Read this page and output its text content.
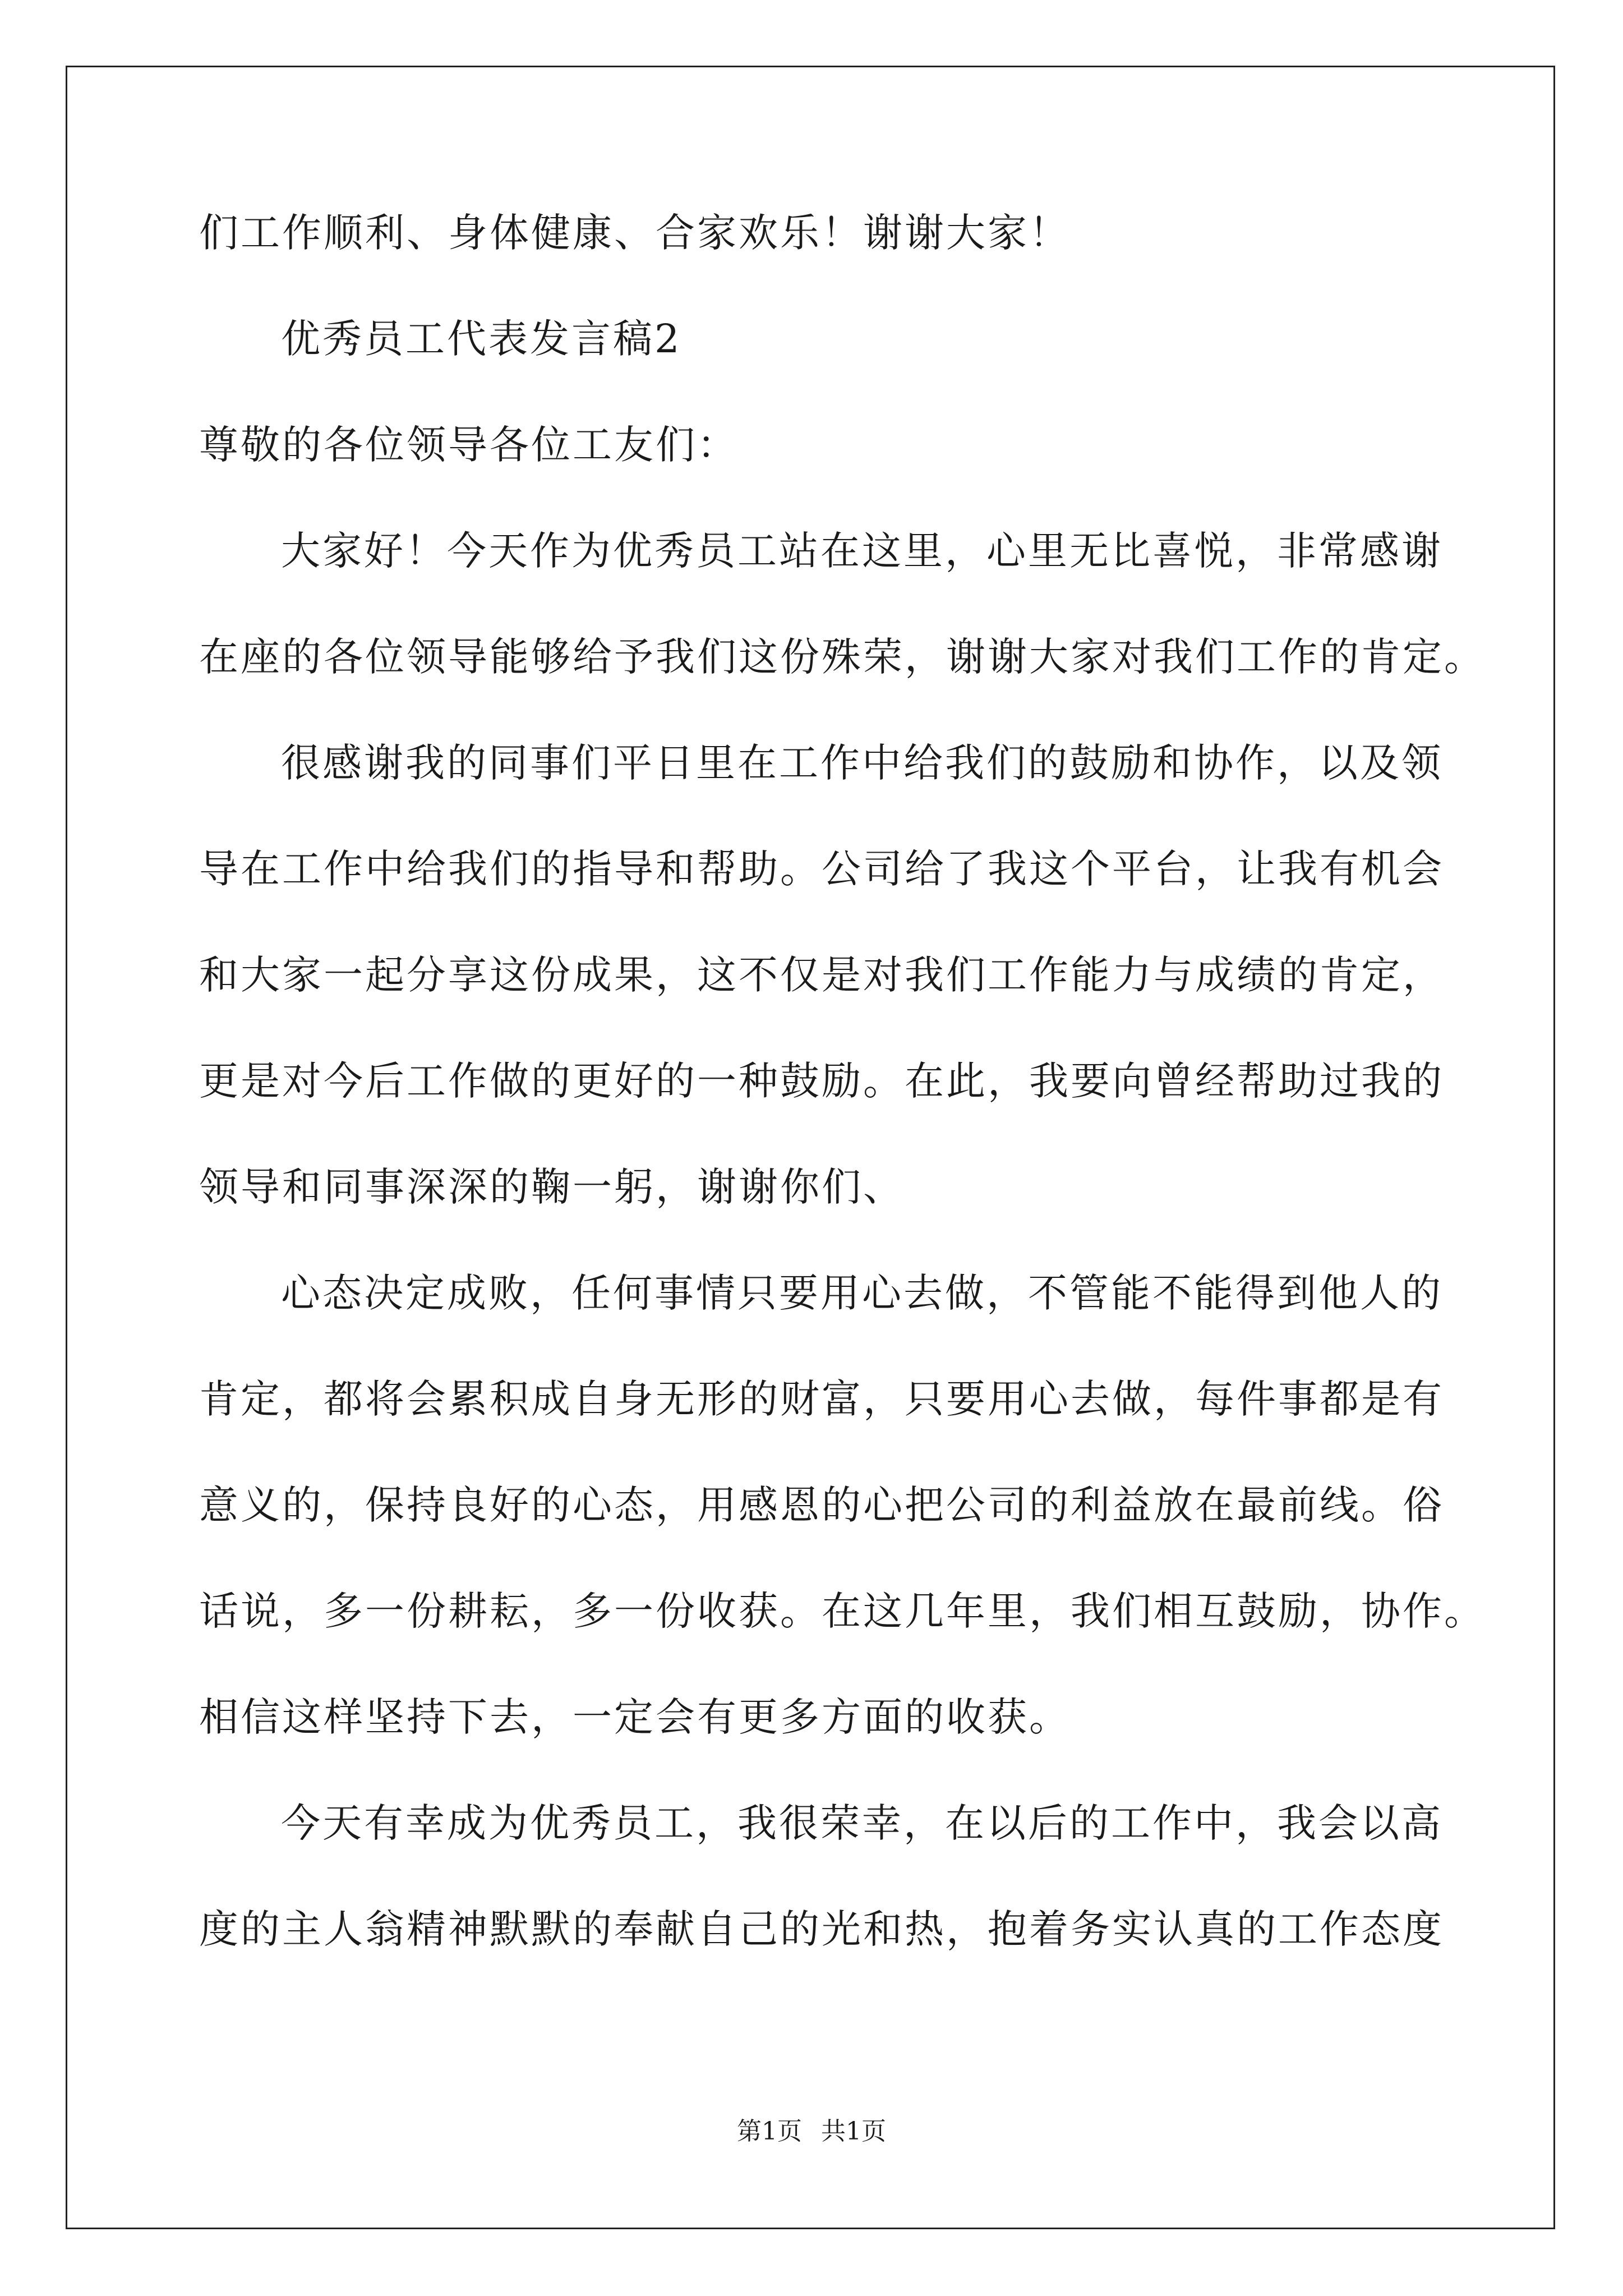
们工作顺利、身体健康、合家欢乐！谢谢大家！
优秀员工代表发言稿2
尊敬的各位领导各位工友们：
大家好！今天作为优秀员工站在这里，心里无比喜悦，非常感谢
在座的各位领导能够给予我们这份殊荣，谢谢大家对我们工作的肯定。
很感谢我的同事们平日里在工作中给我们的鼓励和协作，以及领
导在工作中给我们的指导和帮助。公司给了我这个平台，让我有机会
和大家一起分享这份成果，这不仅是对我们工作能力与成绩的肯定，
更是对今后工作做的更好的一种鼓励。在此，我要向曾经帮助过我的
领导和同事深深的鞠一躬，谢谢你们、
心态决定成败，任何事情只要用心去做，不管能不能得到他人的
肯定，都将会累积成自身无形的财富，只要用心去做，每件事都是有
意义的，保持良好的心态，用感恩的心把公司的利益放在最前线。俗
话说，多一份耕耘，多一份收获。在这几年里，我们相互鼓励，协作。
相信这样坚持下去，一定会有更多方面的收获。
今天有幸成为优秀员工，我很荣幸，在以后的工作中，我会以高
度的主人翁精神默默的奉献自己的光和热，抱着务实认真的工作态度
第1页 共1页
